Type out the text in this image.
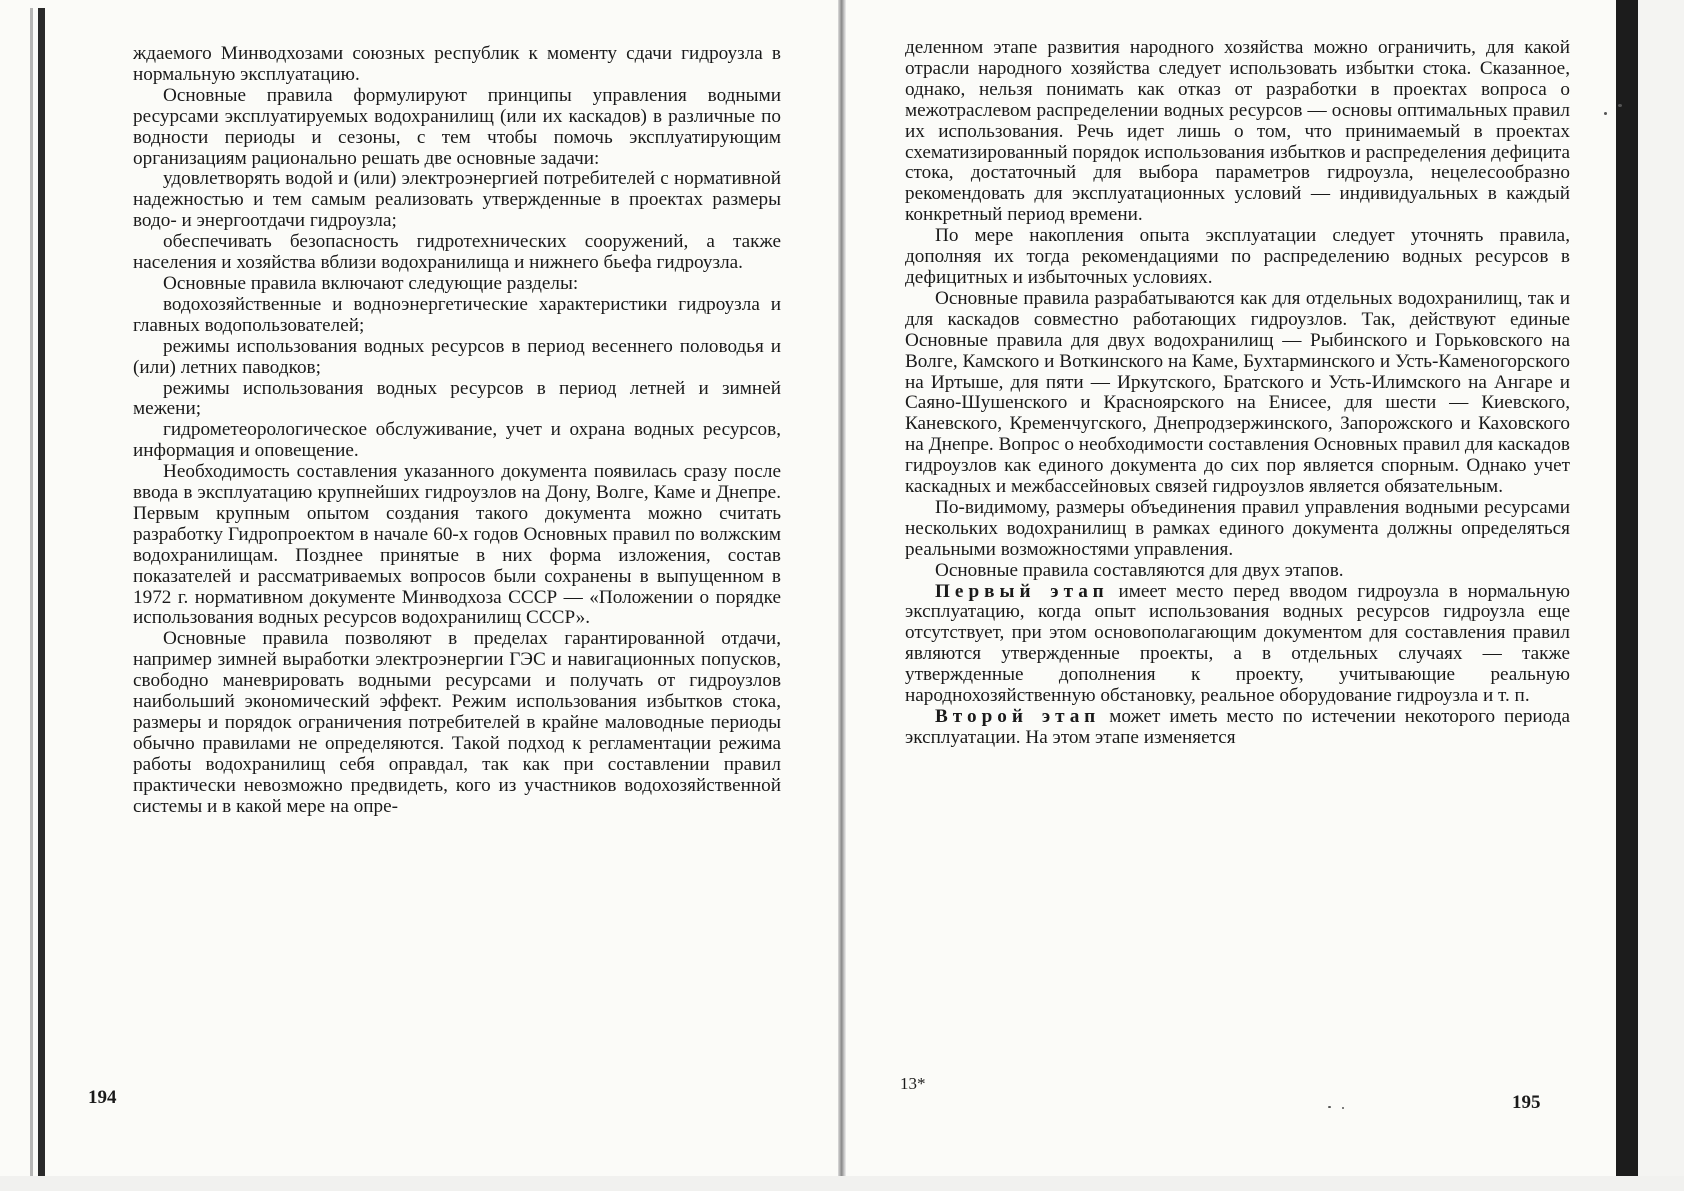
ждаемого Минводхозами союзных республик к моменту сдачи гидроузла в нормальную эксплуатацию.

Основные правила формулируют принципы управления водными ресурсами эксплуатируемых водохранилищ (или их каскадов) в различные по водности периоды и сезоны, с тем чтобы помочь эксплуатирующим организациям рационально решать две основные задачи:

удовлетворять водой и (или) электроэнергией потребителей с нормативной надежностью и тем самым реализовать утвержденные в проектах размеры водо- и энергоотдачи гидроузла;

обеспечивать безопасность гидротехнических сооружений, а также населения и хозяйства вблизи водохранилища и нижнего бьефа гидроузла.

Основные правила включают следующие разделы:

водохозяйственные и водноэнергетические характеристики гидроузла и главных водопользователей;

режимы использования водных ресурсов в период весеннего половодья и (или) летних паводков;

режимы использования водных ресурсов в период летней и зимней межени;

гидрометеорологическое обслуживание, учет и охрана водных ресурсов, информация и оповещение.

Необходимость составления указанного документа появилась сразу после ввода в эксплуатацию крупнейших гидроузлов на Дону, Волге, Каме и Днепре. Первым крупным опытом создания такого документа можно считать разработку Гидропроектом в начале 60-х годов Основных правил по волжским водохранилищам. Позднее принятые в них форма изложения, состав показателей и рассматриваемых вопросов были сохранены в выпущенном в 1972 г. нормативном документе Минводхоза СССР — «Положении о порядке использования водных ресурсов водохранилищ СССР».

Основные правила позволяют в пределах гарантированной отдачи, например зимней выработки электроэнергии ГЭС и навигационных попусков, свободно маневрировать водными ресурсами и получать от гидроузлов наибольший экономический эффект. Режим использования избытков стока, размеры и порядок ограничения потребителей в крайне маловодные периоды обычно правилами не определяются. Такой подход к регламентации режима работы водохранилищ себя оправдал, так как при составлении правил практически невозможно предвидеть, кого из участников водохозяйственной системы и в какой мере на опре-

194

деленном этапе развития народного хозяйства можно ограничить, для какой отрасли народного хозяйства следует использовать избытки стока. Сказанное, однако, нельзя понимать как отказ от разработки в проектах вопроса о межотраслевом распределении водных ресурсов — основы оптимальных правил их использования. Речь идет лишь о том, что принимаемый в проектах схематизированный порядок использования избытков и распределения дефицита стока, достаточный для выбора параметров гидроузла, нецелесообразно рекомендовать для эксплуатационных условий — индивидуальных в каждый конкретный период времени.

По мере накопления опыта эксплуатации следует уточнять правила, дополняя их тогда рекомендациями по распределению водных ресурсов в дефицитных и избыточных условиях.

Основные правила разрабатываются как для отдельных водохранилищ, так и для каскадов совместно работающих гидроузлов. Так, действуют единые Основные правила для двух водохранилищ — Рыбинского и Горьковского на Волге, Камского и Воткинского на Каме, Бухтарминского и Усть-Каменогорского на Иртыше, для пяти — Иркутского, Братского и Усть-Илимского на Ангаре и Саяно-Шушенского и Красноярского на Енисее, для шести — Киевского, Каневского, Кременчугского, Днепродзержинского, Запорожского и Каховского на Днепре. Вопрос о необходимости составления Основных правил для каскадов гидроузлов как единого документа до сих пор является спорным. Однако учет каскадных и межбассейновых связей гидроузлов является обязательным.

По-видимому, размеры объединения правил управления водными ресурсами нескольких водохранилищ в рамках единого документа должны определяться реальными возможностями управления.

Основные правила составляются для двух этапов.

Первый этап имеет место перед вводом гидроузла в нормальную эксплуатацию, когда опыт использования водных ресурсов гидроузла еще отсутствует, при этом основополагающим документом для составления правил являются утвержденные проекты, а в отдельных случаях — также утвержденные дополнения к проекту, учитывающие реальную народнохозяйственную обстановку, реальное оборудование гидроузла и т. п.

Второй этап может иметь место по истечении некоторого периода эксплуатации. На этом этапе изменяется

13*
195
